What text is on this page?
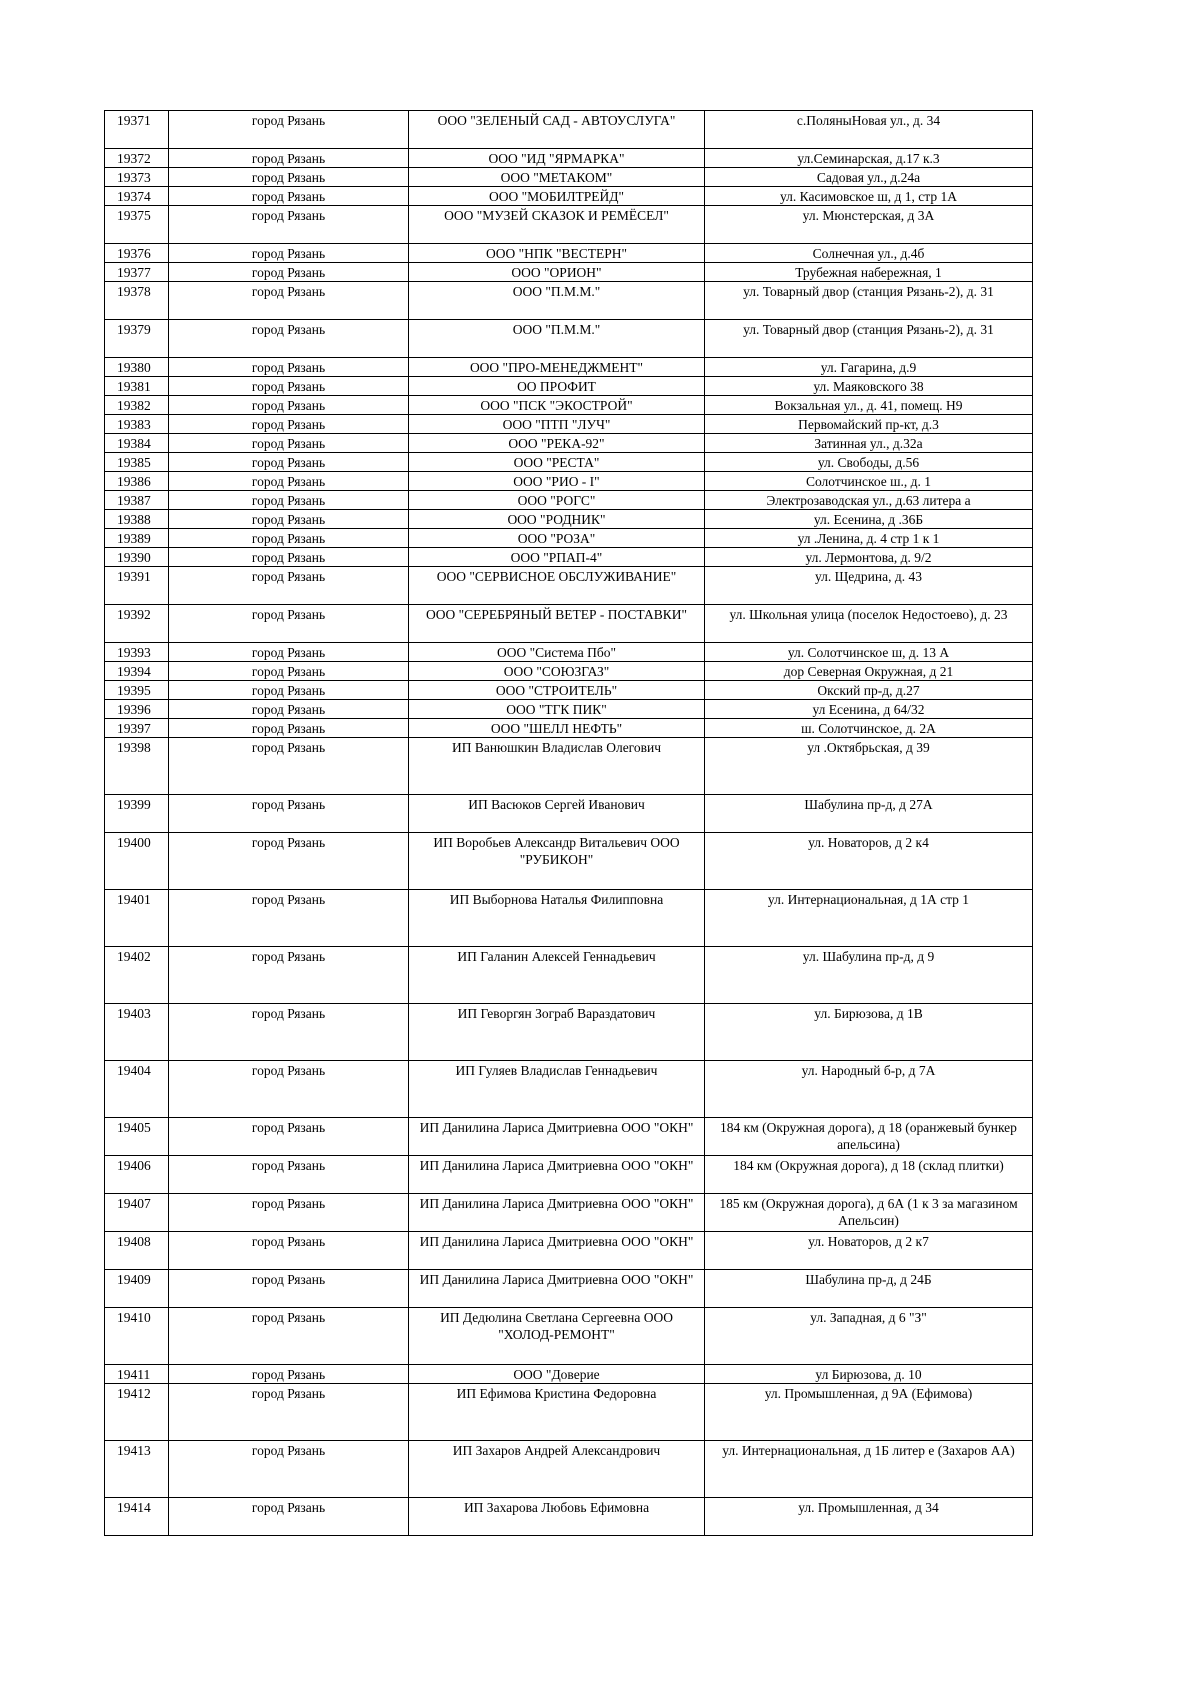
19371	город Рязань	ООО "ЗЕЛЕНЫЙ САД - АВТОУСЛУГА"	с.ПоляныНовая ул., д. 34
19372	город Рязань	ООО "ИД "ЯРМАРКА"	ул.Семинарская, д.17 к.3
19373	город Рязань	ООО "МЕТАКОМ"	Садовая ул., д.24а
19374	город Рязань	ООО "МОБИЛТРЕЙД"	ул. Касимовское ш, д 1, стр 1А
19375	город Рязань	ООО "МУЗЕЙ СКАЗОК И РЕМЁСЕЛ"	ул. Мюнстерская, д 3А
19376	город Рязань	ООО "НПК "ВЕСТЕРН"	Солнечная ул., д.4б
19377	город Рязань	ООО "ОРИОН"	Трубежная набережная, 1
19378	город Рязань	ООО "П.М.М."	ул. Товарный двор (станция Рязань-2), д. 31
19379	город Рязань	ООО "П.М.М."	ул. Товарный двор (станция Рязань-2), д. 31
19380	город Рязань	ООО "ПРО-МЕНЕДЖМЕНТ"	ул. Гагарина, д.9
19381	город Рязань	ОО ПРОФИТ	ул. Маяковского 38
19382	город Рязань	ООО "ПСК "ЭКОСТРОЙ"	Вокзальная ул., д. 41, помещ. Н9
19383	город Рязань	ООО "ПТП "ЛУЧ"	Первомайский пр-кт, д.3
19384	город Рязань	ООО "РЕКА-92"	Затинная ул., д.32а
19385	город Рязань	ООО "РЕСТА"	ул. Свободы, д.56
19386	город Рязань	ООО "РИО - I"	Солотчинское ш., д. 1
19387	город Рязань	ООО "РОГС"	Электрозаводская ул., д.63 литера а
19388	город Рязань	ООО "РОДНИК"	ул. Есенина, д .36Б
19389	город Рязань	ООО "РОЗА"	ул .Ленина, д. 4 стр 1 к 1
19390	город Рязань	ООО "РПАП-4"	ул. Лермонтова, д. 9/2
19391	город Рязань	ООО "СЕРВИСНОЕ ОБСЛУЖИВАНИЕ"	ул. Щедрина, д. 43
19392	город Рязань	ООО "СЕРЕБРЯНЫЙ ВЕТЕР - ПОСТАВКИ"	ул. Школьная улица (поселок Недостоево), д. 23
19393	город Рязань	ООО "Система Пбо"	ул. Солотчинское ш, д. 13 А
19394	город Рязань	ООО "СОЮЗГАЗ"	дор Северная Окружная, д 21
19395	город Рязань	ООО "СТРОИТЕЛЬ"	Окский пр-д, д.27
19396	город Рязань	ООО "ТГК ПИК"	ул Есенина, д 64/32
19397	город Рязань	ООО "ШЕЛЛ НЕФТЬ"	ш. Солотчинское, д. 2А
19398	город Рязань	ИП Ванюшкин Владислав Олегович	ул .Октябрьская, д 39
19399	город Рязань	ИП Васюков Сергей Иванович	Шабулина пр-д, д 27А
19400	город Рязань	ИП Воробьев Александр Витальевич ООО "РУБИКОН"	ул. Новаторов, д 2 к4
19401	город Рязань	ИП Выборнова Наталья Филипповна	ул. Интернациональная, д 1А стр 1
19402	город Рязань	ИП Галанин Алексей Геннадьевич	ул. Шабулина пр-д, д 9
19403	город Рязань	ИП Геворгян Зограб Вараздатович	ул. Бирюзова, д 1В
19404	город Рязань	ИП Гуляев Владислав Геннадьевич	ул. Народный б-р, д 7А
19405	город Рязань	ИП Данилина Лариса Дмитриевна ООО "ОКН"	184 км (Окружная дорога), д 18 (оранжевый бункер апельсина)
19406	город Рязань	ИП Данилина Лариса Дмитриевна ООО "ОКН"	184 км (Окружная дорога), д 18 (склад плитки)
19407	город Рязань	ИП Данилина Лариса Дмитриевна ООО "ОКН"	185 км (Окружная дорога), д 6А (1 к 3 за магазином Апельсин)
19408	город Рязань	ИП Данилина Лариса Дмитриевна ООО "ОКН"	ул. Новаторов, д 2 к7
19409	город Рязань	ИП Данилина Лариса Дмитриевна ООО "ОКН"	Шабулина пр-д, д 24Б
19410	город Рязань	ИП Дедюлина Светлана Сергеевна ООО "ХОЛОД-РЕМОНТ"	ул. Западная, д 6 "З"
19411	город Рязань	ООО "Доверие	ул Бирюзова, д. 10
19412	город Рязань	ИП Ефимова Кристина Федоровна	ул. Промышленная, д 9А (Ефимова)
19413	город Рязань	ИП Захаров Андрей Александрович	ул. Интернациональная, д 1Б литер е (Захаров АА)
19414	город Рязань	ИП Захарова Любовь Ефимовна	ул. Промышленная, д 34
